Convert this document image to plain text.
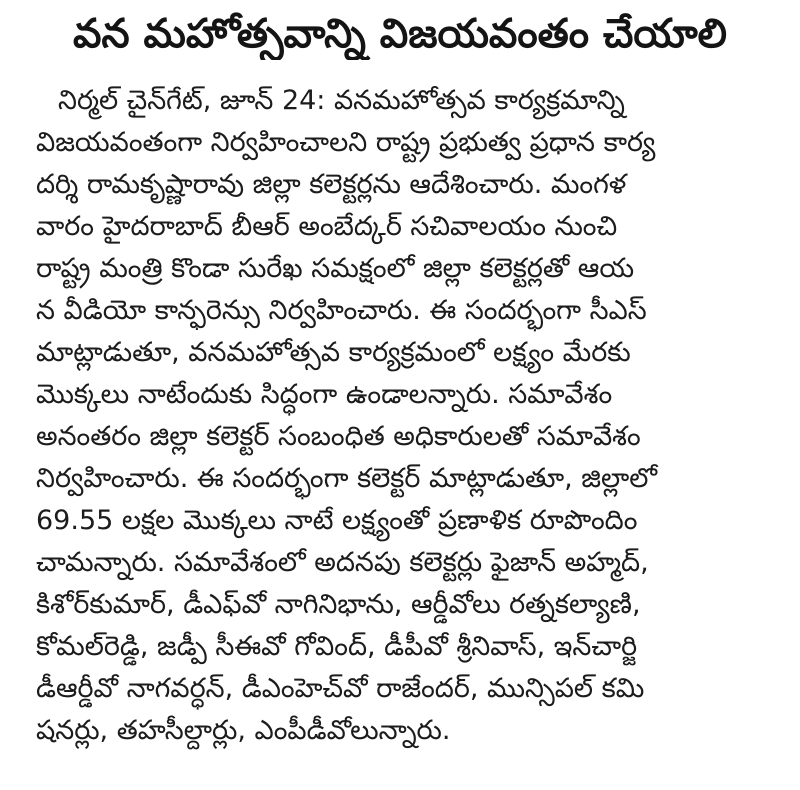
వన మహోత్సవాన్ని విజయవంతం చేయాలి
నిర్మల్ చైన్‌గేట్, జూన్ 24: వనమహోత్సవ కార్యక్రమాన్ని
విజయవంతంగా నిర్వహించాలని రాష్ట్ర ప్రభుత్వ ప్రధాన కార్య
దర్శి రామకృష్ణారావు జిల్లా కలెక్టర్లను ఆదేశించారు. మంగళ
వారం హైదరాబాద్ బీఆర్ అంబేద్కర్ సచివాలయం నుంచి
రాష్ట్ర మంత్రి కొండా సురేఖ సమక్షంలో జిల్లా కలెక్టర్లతో ఆయ
న వీడియో కాన్ఫరెన్సు నిర్వహించారు. ఈ సందర్భంగా సీఎస్
మాట్లాడుతూ, వనమహోత్సవ కార్యక్రమంలో లక్ష్యం మేరకు
మొక్కలు నాటేందుకు సిద్ధంగా ఉండాలన్నారు. సమావేశం
అనంతరం జిల్లా కలెక్టర్ సంబంధిత అధికారులతో సమావేశం
నిర్వహించారు. ఈ సందర్భంగా కలెక్టర్ మాట్లాడుతూ, జిల్లాలో
69.55 లక్షల మొక్కలు నాటే లక్ష్యంతో ప్రణాళిక రూపొందిం
చామన్నారు. సమావేశంలో అదనపు కలెక్టర్లు ఫైజాన్ అహ్మద్,
కిశోర్‌కుమార్, డీఎఫ్‌వో నాగినిభాను, ఆర్డీవోలు రత్నకల్యాణి,
కోమల్‌రెడ్డి, జడ్పీ సీఈవో గోవింద్, డీపీవో శ్రీనివాస్, ఇన్‌చార్జి
డీఆర్డీవో నాగవర్ధన్, డీఎంహెచ్‌వో రాజేందర్, మున్సిపల్ కమి
షనర్లు, తహసీల్దార్లు, ఎంపీడీవోలున్నారు.
